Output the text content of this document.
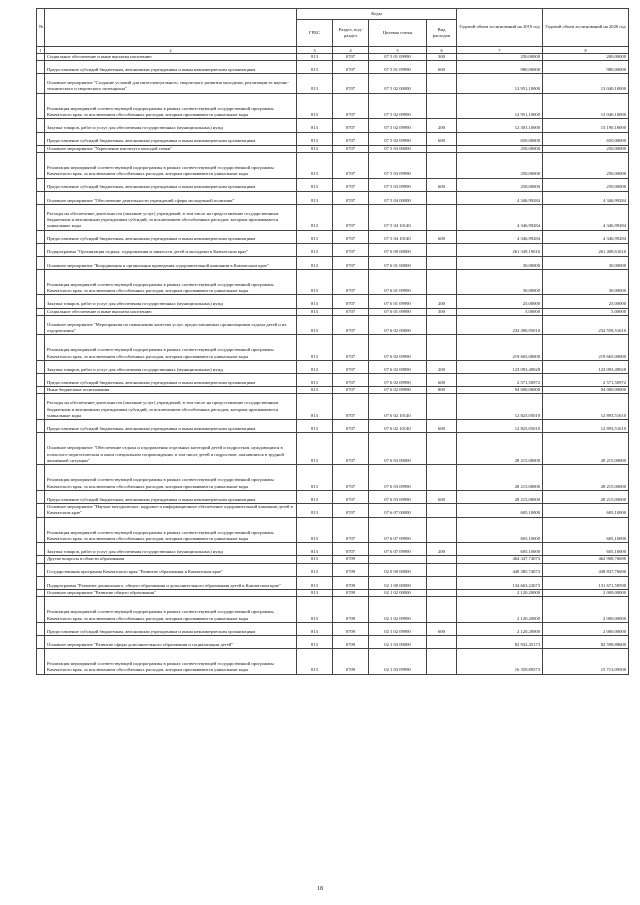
№		Коды				Годовой объем ассигнований на 2019 год	Годовой объем ассигнований на 2020 год
		ГРБС	Раздел, под-раздел	Целевая статья	Вид расходов		
1	2	3	4	5	6	7	8
	Социальное обеспечение и иные выплаты населению	813	0707	07 5 01 09990	300	250,00000	200,00000
	Предоставление субсидий бюджетным, автономным учреждениям и иным некоммерческим организациям	813	0707	07 5 01 09990	600	980,00000	980,00000
	Основное мероприятие "Создание условий для интеллектуального, творческого развития молодежи, реализации ее научно-технического и творческого потенциала"	813	0707	07 5 02 00000		12 951,10000	13 040,10000
	Реализация мероприятий соответствующей подпрограммы в рамках соответствующей государственной программы Камчатского края, за исключением обособленных расходов, которым присваиваются уникальные коды	813	0707	07 5 02 09990		12 951,10000	13 040,10000
	Закупка товаров, работ и услуг для обеспечения государственных (муниципальных) нужд	813	0707	07 5 02 09990	200	12 301,10000	13 190,10000
	Предоставление субсидий бюджетным, автономным учреждениям и иным некоммерческим организациям	813	0707	07 5 02 09990	600	650,00000	650,00000
	Основное мероприятие "Укрепление института молодой семьи"	813	0707	07 5 03 00000		250,00000	250,00000
	Реализация мероприятий соответствующей подпрограммы в рамках соответствующей государственной программы Камчатского края, за исключением обособленных расходов, которым присваиваются уникальные коды	813	0707	07 5 03 09990		250,00000	250,00000
	Предоставление субсидий бюджетным, автономным учреждениям и иным некоммерческим организациям	813	0707	07 5 03 09990	600	250,00000	250,00000
	Основное мероприятие "Обеспечение деятельности учреждений сферы молодежной политики"	813	0707	07 5 04 00000		4 346,99284	4 346,99284
	Расходы на обеспечение деятельности (оказание услуг) учреждений, в том числе на предоставление государственным бюджетным и автономным учреждениям субсидий, за исключением обособленных расходов, которым присваиваются уникальные коды	813	0707	07 5 04 10140		4 346,99284	4 346,99284
	Предоставление субсидий бюджетным, автономным учреждениям и иным некоммерческим организациям	813	0707	07 5 04 10140	600	4 346,99284	4 346,99284
	Подпрограмма "Организация отдыха, оздоровления и занятости детей и молодежи в Камчатском крае"	813	0707	07 6 00 00000		261 349,19010	261 408,61610
	Основное мероприятие "Координация и организация проведения оздоровительной кампании в Камчатском крае"	813	0707	07 6 01 00000		30,00000	30,00000
	Реализация мероприятий соответствующей подпрограммы в рамках соответствующей государственной программы Камчатского края, за исключением обособленных расходов, которым присваиваются уникальные коды	813	0707	07 6 01 09990		30,00000	30,00000
	Закупка товаров, работ и услуг для обеспечения государственных (муниципальных) нужд	813	0707	07 6 01 09990	200	25,00000	25,00000
	Социальное обеспечение и иные выплаты населению	813	0707	07 6 01 09990	300	5,00000	5,00000
	Основное мероприятие "Мероприятия по повышению качества услуг, предоставляемых организациями отдыха детей и их оздоровления"	813	0707	07 6 02 00000		232 490,05010	232 558,51610
	Реализация мероприятий соответствующей подпрограммы в рамках соответствующей государственной программы Камчатского края, за исключением обособленных расходов, которым присваиваются уникальные коды	813	0707	07 6 02 09990		219 665,00000	219 665,00000
	Закупка товаров, работ и услуг для обеспечения государственных (муниципальных) нужд	813	0707	07 6 02 09990	200	123 093,49028	123 093,49028
	Предоставление субсидий бюджетным, автономным учреждениям и иным некоммерческим организациям	813	0707	07 6 02 09990	600	2 571,50972	2 571,50972
	Иные бюджетные ассигнования	813	0707	07 6 02 09990	800	94 000,00000	94 000,00000
	Расходы на обеспечение деятельности (оказание услуг) учреждений, в том числе на предоставление государственным бюджетным и автономным учреждениям субсидий, за исключением обособленных расходов, которым присваиваются уникальные коды	813	0707	07 6 02 10140		12 825,05010	12 893,51610
	Предоставление субсидий бюджетным, автономным учреждениям и иным некоммерческим организациям	813	0707	07 6 02 10140	600	12 825,05010	12 893,51610
	Основное мероприятие "Обеспечение отдыха и оздоровления отдельных категорий детей и подростков, нуждающихся в психолого-педагогическом и ином специальном сопровождении, в том числе детей и подростков, оказавшихся в трудной жизненной ситуации"	813	0707	07 6 03 00000		28 215,00000	28 215,00000
	Реализация мероприятий соответствующей подпрограммы в рамках соответствующей государственной программы Камчатского края, за исключением обособленных расходов, которым присваиваются уникальные коды	813	0707	07 6 03 09990		28 215,00000	28 215,00000
	Предоставление субсидий бюджетным, автономным учреждениям и иным некоммерческим организациям	813	0707	07 6 03 09990	600	28 215,00000	28 215,00000
	Основное мероприятие "Научно-методическое, кадровое и информационное обеспечение оздоровительной кампании детей в Камчатском крае"	813	0707	07 6 07 00000		605,10000	605,10000
	Реализация мероприятий соответствующей подпрограммы в рамках соответствующей государственной программы Камчатского края, за исключением обособленных расходов, которым присваиваются уникальные коды	813	0707	07 6 07 09990		605,10000	605,10000
	Закупка товаров, работ и услуг для обеспечения государственных (муниципальных) нужд	813	0707	07 6 07 09990	200	605,10000	605,10000
	Другие вопросы в области образования	813	0709			464 347,74073	462 908,76690
	Государственная программа Камчатского края "Развитие образования в Камчатском крае"	813	0709	02 0 00 00000		440 385,74073	438 837,76690
	Подпрограмма "Развитие дошкольного, общего образования и дополнительного образования детей в Камчатском крае"	813	0709	02 1 00 00000		134 663,22673	131 671,59590
	Основное мероприятие "Развитие общего образования"	813	0709	02 1 02 00000		2 120,20000	2 000,00000
	Реализация мероприятий соответствующей подпрограммы в рамках соответствующей государственной программы Камчатского края, за исключением обособленных расходов, которым присваиваются уникальные коды	813	0709	02 1 02 09990		2 120,20000	2 000,00000
	Предоставление субсидий бюджетным, автономным учреждениям и иным некоммерческим организациям	813	0709	02 1 02 09990	600	2 120,20000	2 000,00000
	Основное мероприятие "Развитие сферы дополнительного образования и социализации детей"	813	0709	02 1 03 00000		82 932,45173	82 598,88600
	Реализация мероприятий соответствующей подпрограммы в рамках соответствующей государственной программы Камчатского края, за исключением обособленных расходов, которым присваиваются уникальные коды	813	0709	02 1 03 09990		16 359,89573	15 713,09500
18
